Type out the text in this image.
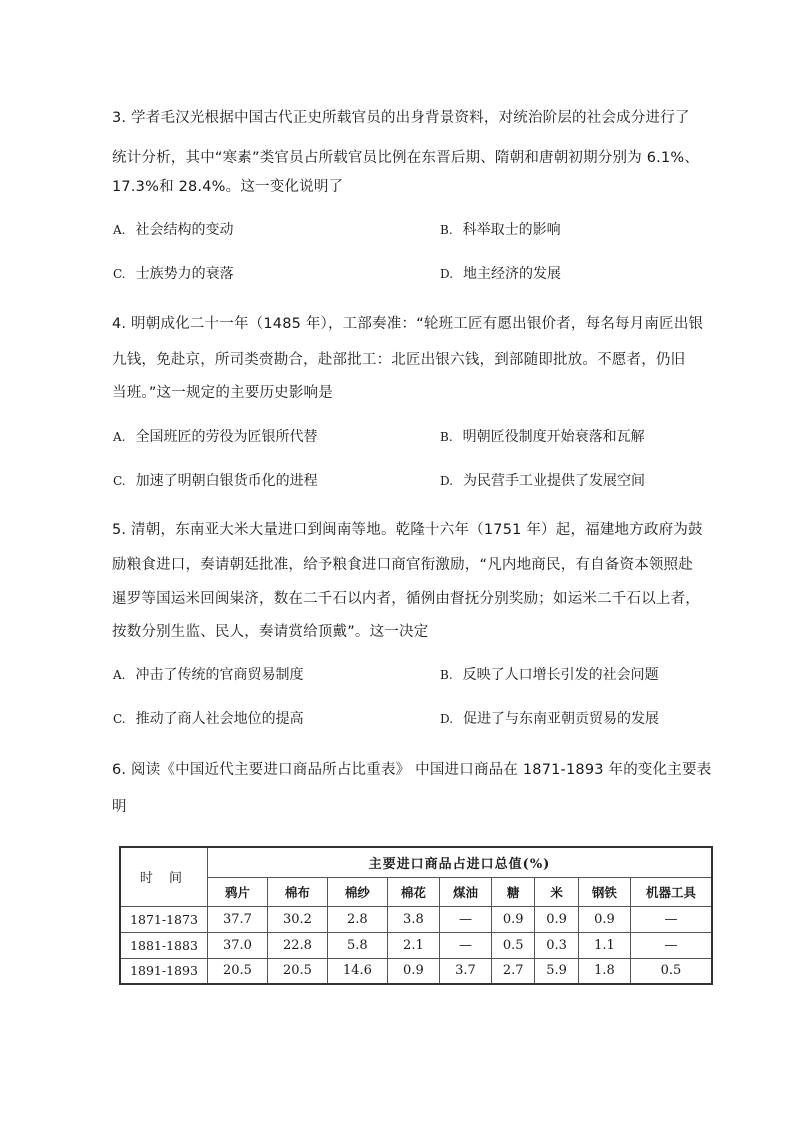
3. 学者毛汉光根据中国古代正史所载官员的出身背景资料，对统治阶层的社会成分进行了
统计分析，其中“寒素”类官员占所载官员比例在东晋后期、隋朝和唐朝初期分别为 6.1%、
17.3%和 28.4%。这一变化说明了
A. 社会结构的变动	B. 科举取士的影响
C. 士族势力的衰落	D. 地主经济的发展
4. 明朝成化二十一年（1485 年），工部奏准：“轮班工匠有愿出银价者，每名每月南匠出银
九钱，免赴京，所司类赍勘合，赴部批工：北匠出银六钱，到部随即批放。不愿者，仍旧
当班。”这一规定的主要历史影响是
A. 全国班匠的劳役为匠银所代替	B. 明朝匠役制度开始衰落和瓦解
C. 加速了明朝白银货币化的进程	D. 为民营手工业提供了发展空间
5. 清朝，东南亚大米大量进口到闽南等地。乾隆十六年（1751 年）起，福建地方政府为鼓
励粮食进口，奏请朝廷批准，给予粮食进口商官衔激励，“凡内地商民，有自备资本领照赴
暹罗等国运米回闽粜济，数在二千石以内者，循例由督抚分别奖励；如运米二千石以上者，
按数分别生监、民人，奏请赏给顶戴”。这一决定
A. 冲击了传统的官商贸易制度	B. 反映了人口增长引发的社会问题
C. 推动了商人社会地位的提高	D. 促进了与东南亚朝贡贸易的发展
6. 阅读《中国近代主要进口商品所占比重表》 中国进口商品在 1871-1893 年的变化主要表
明
时 间	主要进口商品占进口总值(%)								
	鸦片	棉布	棉纱	棉花	煤油	糖	米	钢铁	机器工具
1871-1873	37.7	30.2	2.8	3.8	—	0.9	0.9	0.9	—
1881-1883	37.0	22.8	5.8	2.1	—	0.5	0.3	1.1	—
1891-1893	20.5	20.5	14.6	0.9	3.7	2.7	5.9	1.8	0.5
